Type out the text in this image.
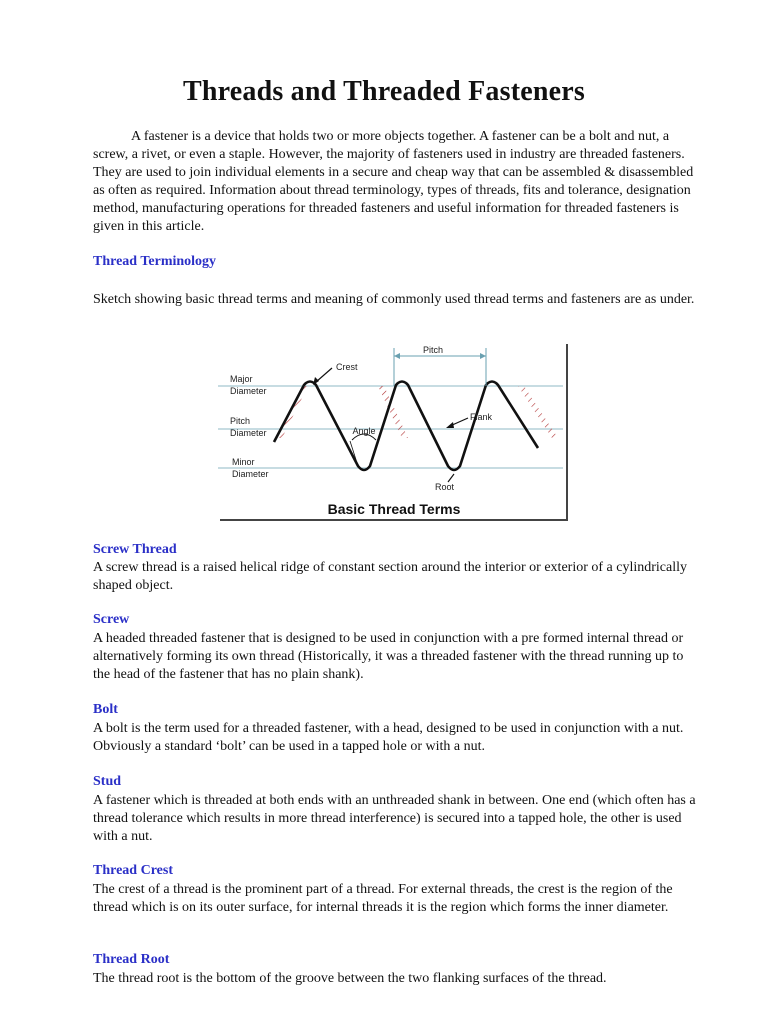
Threads and Threaded Fasteners

A fastener is a device that holds two or more objects together. A fastener can be a bolt and nut, a screw, a rivet, or even a staple. However, the majority of fasteners used in industry are threaded fasteners. They are used to join individual elements in a secure and cheap way that can be assembled & disassembled as often as required. Information about thread terminology, types of threads, fits and tolerance, designation method, manufacturing operations for threaded fasteners and useful information for threaded fasteners is given in this article.

Thread Terminology

Sketch showing basic thread terms and meaning of commonly used thread terms and fasteners are as under.

Pitch
Crest
Angle
Flank
Root
Major
Diameter
Pitch
Diameter
Minor
Diameter
Basic Thread Terms
Screw Thread

A screw thread is a raised helical ridge of constant section around the interior or exterior of a cylindrically shaped object.

Screw

A headed threaded fastener that is designed to be used in conjunction with a pre formed internal thread or alternatively forming its own thread (Historically, it was a threaded fastener with the thread running up to the head of the fastener that has no plain shank).

Bolt

A bolt is the term used for a threaded fastener, with a head, designed to be used in conjunction with a nut. Obviously a standard ‘bolt’ can be used in a tapped hole or with a nut.

Stud

A fastener which is threaded at both ends with an unthreaded shank in between. One end (which often has a thread tolerance which results in more thread interference) is secured into a tapped hole, the other is used with a nut.

Thread Crest

The crest of a thread is the prominent part of a thread. For external threads, the crest is the region of the thread which is on its outer surface, for internal threads it is the region which forms the inner diameter.

Thread Root

The thread root is the bottom of the groove between the two flanking surfaces of the thread.
